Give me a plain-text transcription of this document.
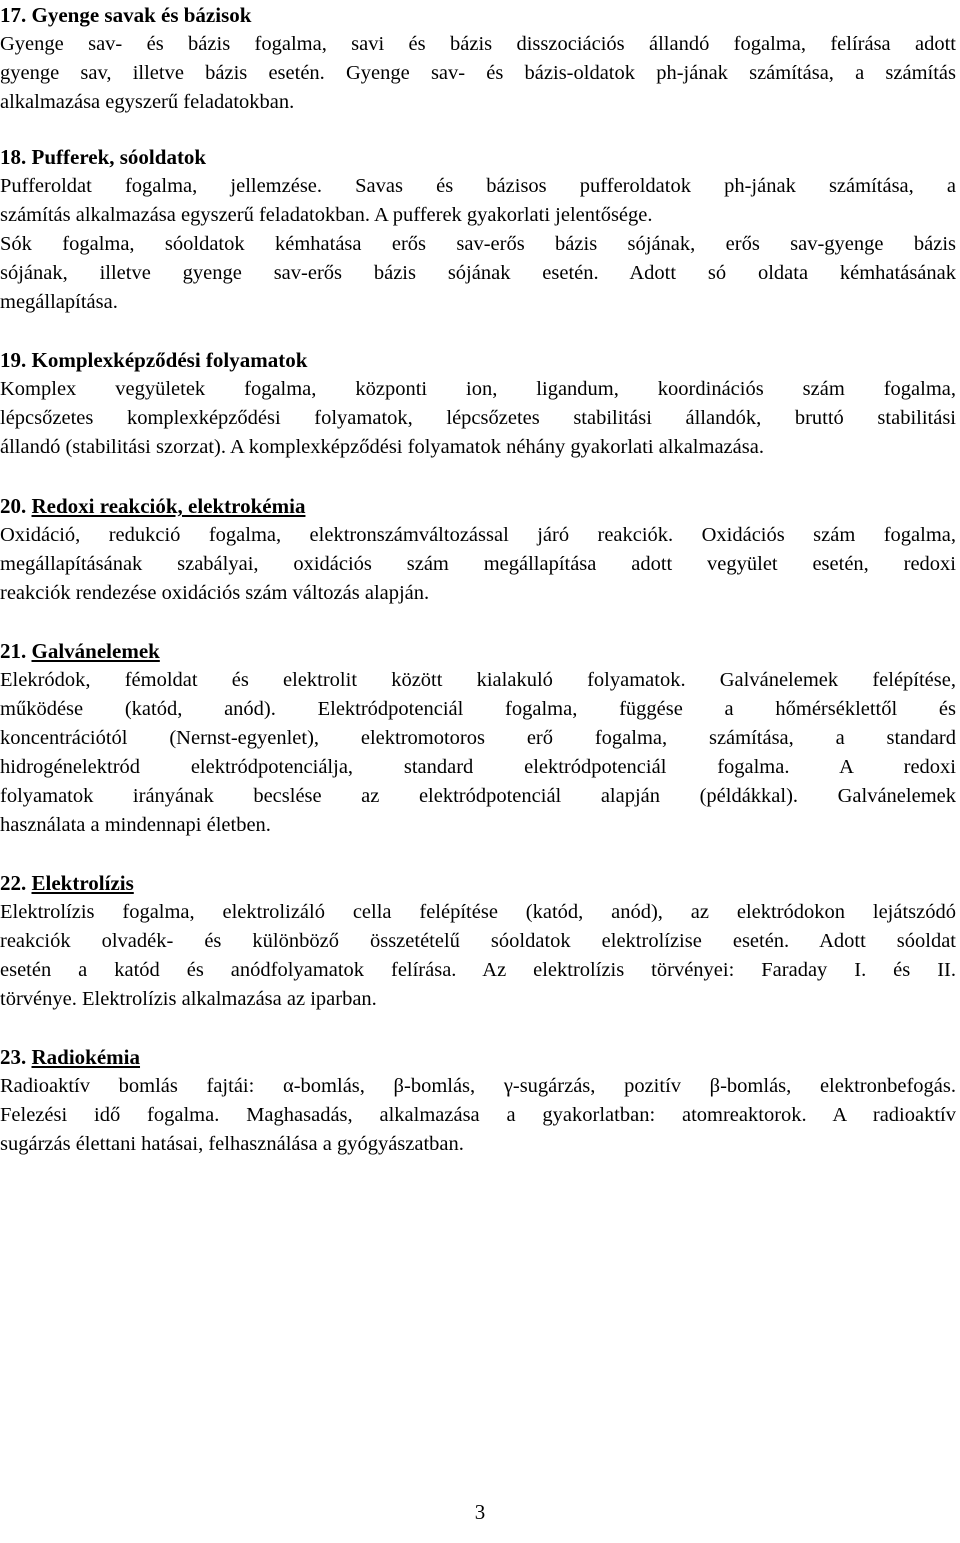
17. Gyenge savak és bázisok

Gyenge sav- és bázis fogalma, savi és bázis disszociációs állandó fogalma, felírása adott
gyenge sav, illetve bázis esetén. Gyenge sav- és bázis-oldatok ph-jának számítása, a számítás
alkalmazása egyszerű feladatokban.

18. Pufferek, sóoldatok

Pufferoldat fogalma, jellemzése. Savas és bázisos pufferoldatok ph-jának számítása, a
számítás alkalmazása egyszerű feladatokban. A pufferek gyakorlati jelentősége.
Sók fogalma, sóoldatok kémhatása erős sav-erős bázis sójának, erős sav-gyenge bázis
sójának, illetve gyenge sav-erős bázis sójának esetén. Adott só oldata kémhatásának
megállapítása.

19. Komplexképződési folyamatok

Komplex vegyületek fogalma, központi ion, ligandum, koordinációs szám fogalma,
lépcsőzetes komplexképződési folyamatok, lépcsőzetes stabilitási állandók, bruttó stabilitási
állandó (stabilitási szorzat). A komplexképződési folyamatok néhány gyakorlati alkalmazása.

20. Redoxi reakciók, elektrokémia

Oxidáció, redukció fogalma, elektronszámváltozással járó reakciók. Oxidációs szám fogalma,
megállapításának szabályai, oxidációs szám megállapítása adott vegyület esetén, redoxi
reakciók rendezése oxidációs szám változás alapján.

21. Galvánelemek

Elekródok, fémoldat és elektrolit között kialakuló folyamatok. Galvánelemek felépítése,
működése (katód, anód). Elektródpotenciál fogalma, függése a hőmérséklettől és
koncentrációtól (Nernst-egyenlet), elektromotoros erő fogalma, számítása, a standard
hidrogénelektród elektródpotenciálja, standard elektródpotenciál fogalma. A redoxi
folyamatok irányának becslése az elektródpotenciál alapján (példákkal). Galvánelemek
használata a mindennapi életben.

22. Elektrolízis

Elektrolízis fogalma, elektrolizáló cella felépítése (katód, anód), az elektródokon lejátszódó
reakciók olvadék- és különböző összetételű sóoldatok elektrolízise esetén. Adott sóoldat
esetén a katód és anódfolyamatok felírása. Az elektrolízis törvényei: Faraday I. és II.
törvénye. Elektrolízis alkalmazása az iparban.

23. Radiokémia

Radioaktív bomlás fajtái: α-bomlás, β-bomlás, γ-sugárzás, pozitív β-bomlás, elektronbefogás.
Felezési idő fogalma. Maghasadás, alkalmazása a gyakorlatban: atomreaktorok. A radioaktív
sugárzás élettani hatásai, felhasználása a gyógyászatban.

3
